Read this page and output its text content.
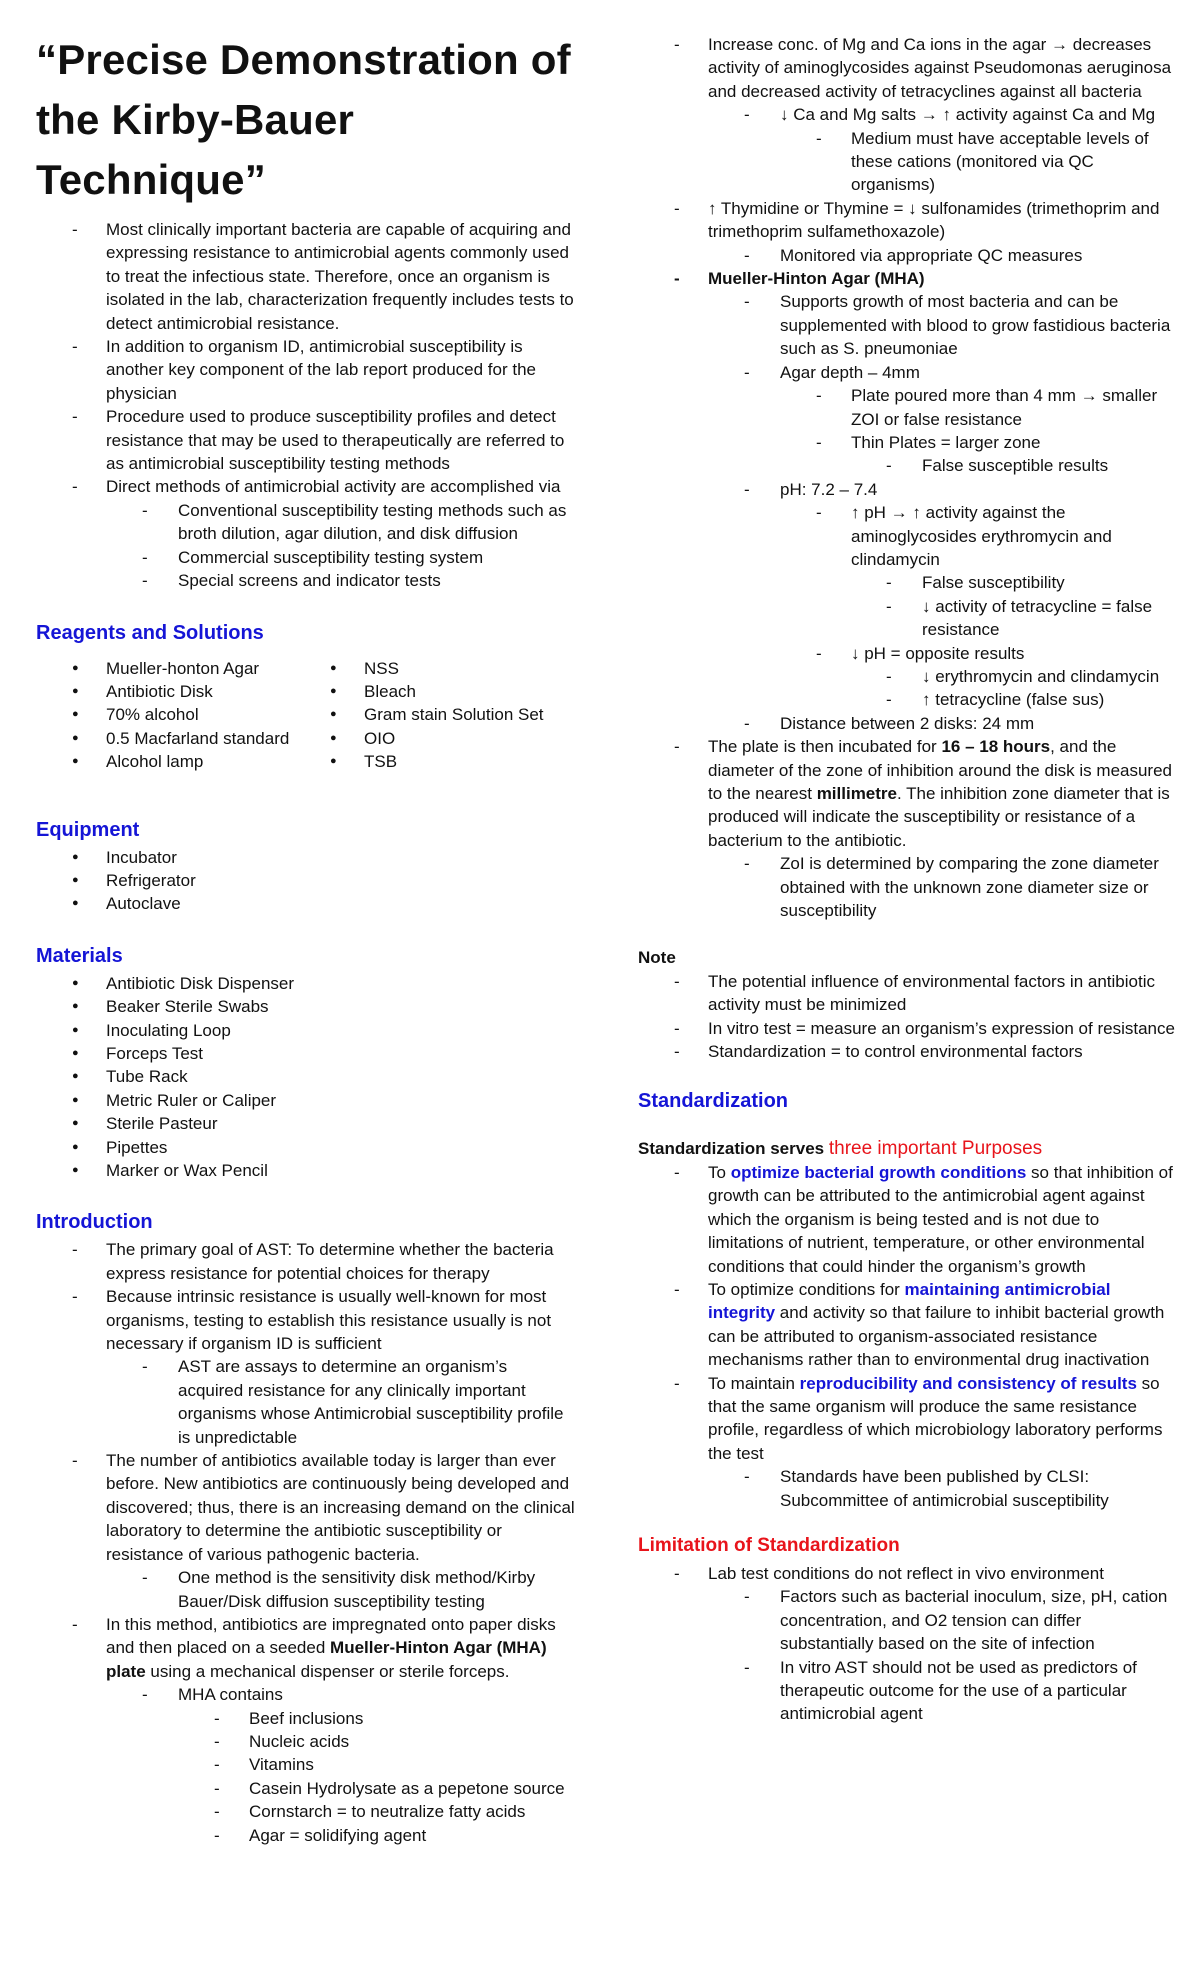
“Precise Demonstration of the Kirby-Bauer Technique”
- Most clinically important bacteria are capable of acquiring and expressing resistance to antimicrobial agents commonly used to treat the infectious state. Therefore, once an organism is isolated in the lab, characterization frequently includes tests to detect antimicrobial resistance.
- In addition to organism ID, antimicrobial susceptibility is another key component of the lab report produced for the physician
- Procedure used to produce susceptibility profiles and detect resistance that may be used to therapeutically are referred to as antimicrobial susceptibility testing methods
- Direct methods of antimicrobial activity are accomplished via
- Conventional susceptibility testing methods such as broth dilution, agar dilution, and disk diffusion
- Commercial susceptibility testing system
- Special screens and indicator tests
Reagents and Solutions
● Mueller-honton Agar
● Antibiotic Disk
● 70% alcohol
● 0.5 Macfarland standard
● Alcohol lamp
● NSS
● Bleach
● Gram stain Solution Set
● OIO
● TSB
Equipment
● Incubator
● Refrigerator
● Autoclave
Materials
● Antibiotic Disk Dispenser
● Beaker Sterile Swabs
● Inoculating Loop
● Forceps Test
● Tube Rack
● Metric Ruler or Caliper
● Sterile Pasteur
● Pipettes
● Marker or Wax Pencil
Introduction
- The primary goal of AST: To determine whether the bacteria express resistance for potential choices for therapy
- Because intrinsic resistance is usually well-known for most organisms, testing to establish this resistance usually is not necessary if organism ID is sufficient
- AST are assays to determine an organism’s acquired resistance for any clinically important organisms whose Antimicrobial susceptibility profile is unpredictable
- The number of antibiotics available today is larger than ever before. New antibiotics are continuously being developed and discovered; thus, there is an increasing demand on the clinical laboratory to determine the antibiotic susceptibility or resistance of various pathogenic bacteria.
- One method is the sensitivity disk method/Kirby Bauer/Disk diffusion susceptibility testing
- In this method, antibiotics are impregnated onto paper disks and then placed on a seeded Mueller-Hinton Agar (MHA) plate using a mechanical dispenser or sterile forceps.
- MHA contains
- Beef inclusions
- Nucleic acids
- Vitamins
- Casein Hydrolysate as a pepetone source
- Cornstarch = to neutralize fatty acids
- Agar = solidifying agent
- Increase conc. of Mg and Ca ions in the agar → decreases activity of aminoglycosides against Pseudomonas aeruginosa and decreased activity of tetracyclines against all bacteria
- ↓ Ca and Mg salts → ↑ activity against Ca and Mg
- Medium must have acceptable levels of these cations (monitored via QC organisms)
- ↑ Thymidine or Thymine = ↓ sulfonamides (trimethoprim and trimethoprim sulfamethoxazole)
- Monitored via appropriate QC measures
- Mueller-Hinton Agar (MHA)
- Supports growth of most bacteria and can be supplemented with blood to grow fastidious bacteria such as S. pneumoniae
- Agar depth – 4mm
- Plate poured more than 4 mm → smaller ZOI or false resistance
- Thin Plates = larger zone
- False susceptible results
- pH: 7.2 – 7.4
- ↑ pH → ↑ activity against the aminoglycosides erythromycin and clindamycin
- False susceptibility
- ↓ activity of tetracycline = false resistance
- ↓ pH = opposite results
- ↓ erythromycin and clindamycin
- ↑ tetracycline (false sus)
- Distance between 2 disks: 24 mm
- The plate is then incubated for 16 – 18 hours, and the diameter of the zone of inhibition around the disk is measured to the nearest millimetre. The inhibition zone diameter that is produced will indicate the susceptibility or resistance of a bacterium to the antibiotic.
- ZoI is determined by comparing the zone diameter obtained with the unknown zone diameter size or susceptibility
Note
- The potential influence of environmental factors in antibiotic activity must be minimized
- In vitro test = measure an organism’s expression of resistance
- Standardization = to control environmental factors
Standardization
Standardization serves three important Purposes
- To optimize bacterial growth conditions so that inhibition of growth can be attributed to the antimicrobial agent against which the organism is being tested and is not due to limitations of nutrient, temperature, or other environmental conditions that could hinder the organism’s growth
- To optimize conditions for maintaining antimicrobial integrity and activity so that failure to inhibit bacterial growth can be attributed to organism-associated resistance mechanisms rather than to environmental drug inactivation
- To maintain reproducibility and consistency of results so that the same organism will produce the same resistance profile, regardless of which microbiology laboratory performs the test
- Standards have been published by CLSI: Subcommittee of antimicrobial susceptibility
Limitation of Standardization
- Lab test conditions do not reflect in vivo environment
- Factors such as bacterial inoculum, size, pH, cation concentration, and O2 tension can differ substantially based on the site of infection
- In vitro AST should not be used as predictors of therapeutic outcome for the use of a particular antimicrobial agent
